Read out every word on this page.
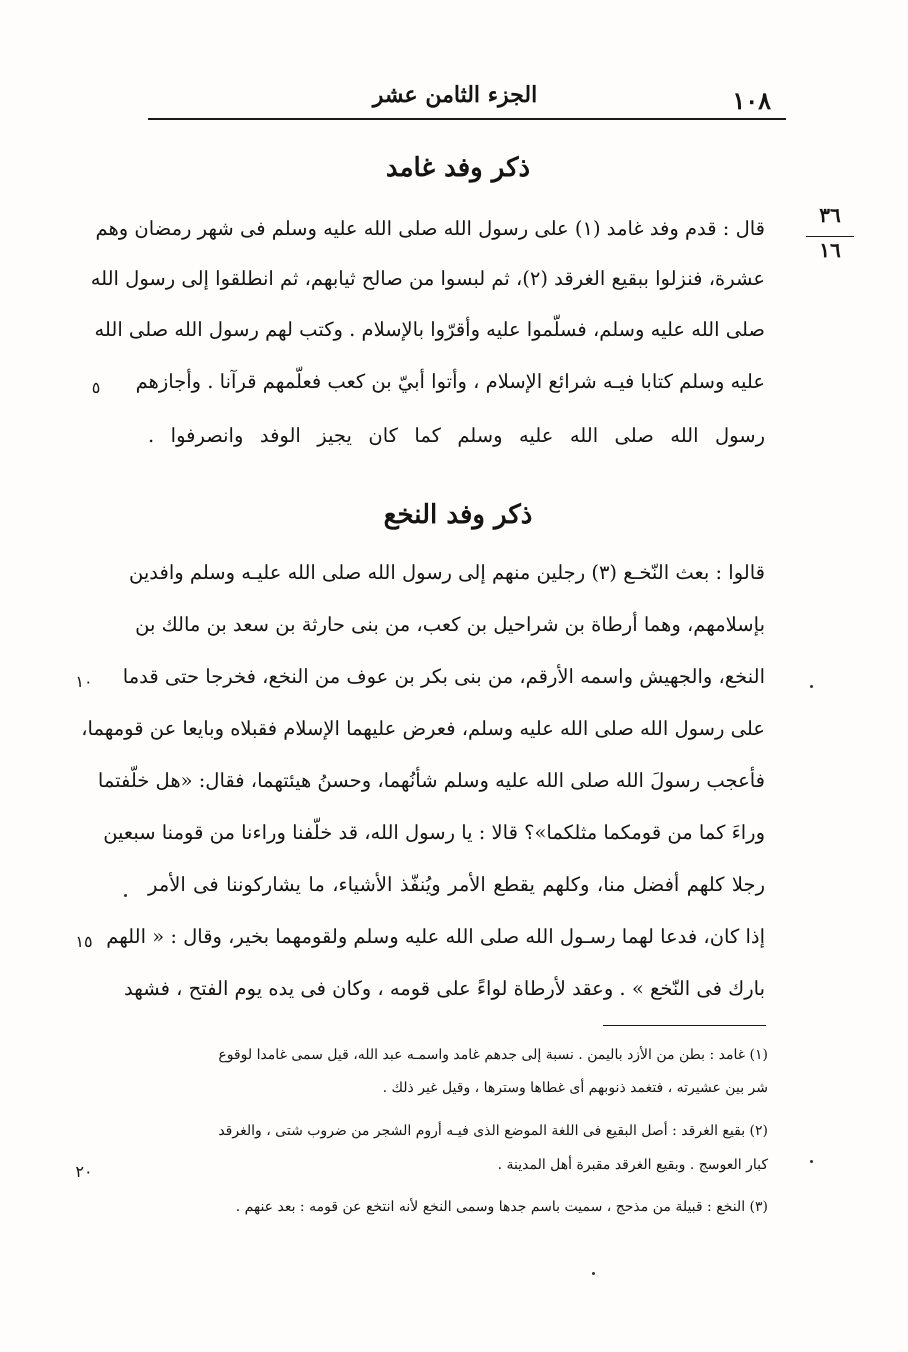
١٠٨
الجزء الثامن عشر
٣٦
١٦
ذكر وفد غامد
قال : قدم وفد غامد (١) على رسول الله صلى الله عليه وسلم فى شهر رمضان وهم
عشرة، فنزلوا ببقيع الغرقد (٢)، ثم لبسوا من صالح ثيابهم، ثم انطلقوا إلى رسول الله
صلى الله عليه وسلم، فسلّموا عليه وأقرّوا بالإسلام . وكتب لهم رسول الله صلى الله
عليه وسلم كتابا فيـه شرائع الإسلام ، وأتوا أبيّ بن كعب فعلّمهم قرآنا . وأجازهم
رسول الله صلى الله عليه وسلم كما كان يجيز الوفد وانصرفوا .
ذكر وفد النخع
قالوا : بعث النّخـع (٣) رجلين منهم إلى رسول الله صلى الله عليـه وسلم وافدين
بإسلامهم، وهما أرطاة بن شراحيل بن كعب، من بنى حارثة بن سعد بن مالك بن
النخع، والجهيش واسمه الأرقم، من بنى بكر بن عوف من النخع، فخرجا حتى قدما
على رسول الله صلى الله عليه وسلم، فعرض عليهما الإسلام فقبلاه وبايعا عن قومهما،
فأعجب رسولَ الله صلى الله عليه وسلم شأنُهما، وحسنُ هيئتهما، فقال: «هل خلّفتما
وراءَ كما من قومكما مثلكما»؟ قالا : يا رسول الله، قد خلّفنا وراءنا من قومنا سبعين
رجلا كلهم أفضل منا، وكلهم يقطع الأمر ويُنفّذ الأشياء، ما يشاركوننا فى الأمر
إذا كان، فدعا لهما رسـول الله صلى الله عليه وسلم ولقومهما بخير، وقال : « اللهم
بارك فى النّخع » . وعقد لأرطاة لواءً على قومه ، وكان فى يده يوم الفتح ، فشهد
٥
١٠
١٥
٢٠
(١) غامد : بطن من الأزد باليمن . نسبة إلى جدهم غامد واسمـه عبد الله، قيل سمى غامدا لوقوع
شر بين عشيرته ، فتغمد ذنوبهم أى غطاها وسترها ، وقيل غير ذلك .
(٢) بقيع الغرقد : أصل البقيع فى اللغة الموضع الذى فيـه أروم الشجر من ضروب شتى ، والغرقد
كبار العوسج . وبقيع الغرقد مقبرة أهل المدينة .
(٣) النخع : قبيلة من مذحج ، سميت باسم جدها وسمى النخع لأنه انتخع عن قومه : بعد عنهم .
